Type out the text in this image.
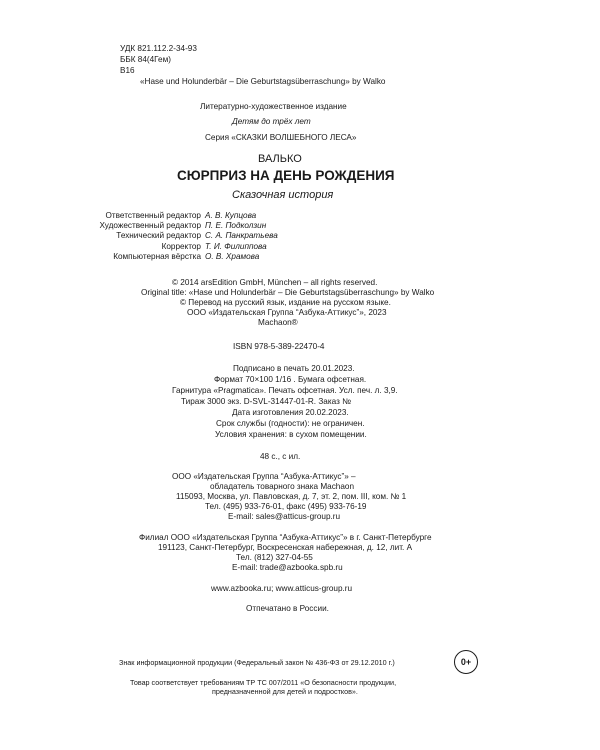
УДК 821.112.2-34-93
ББК 84(4Гем)
В16
«Hase und Holunderbär – Die Geburtstagsüberraschung» by Walko
Литературно-художественное издание
Детям до трёх лет
Серия «СКАЗКИ ВОЛШЕБНОГО ЛЕСА»
ВАЛЬКО
СЮРПРИЗ НА ДЕНЬ РОЖДЕНИЯ
Сказочная история
Ответственный редактор А. В. Купцова
Художественный редактор П. Е. Подколзин
Технический редактор С. А. Панкратьева
Корректор Т. И. Филиппова
Компьютерная вёрстка О. В. Храмова
© 2014 arsEdition GmbH, München – all rights reserved.
Original title: «Hase und Holunderbär – Die Geburtstagsüberraschung» by Walko
© Перевод на русский язык, издание на русском языке.
ООО «Издательская Группа “Азбука-Аттикус”», 2023
Machaon®
ISBN 978-5-389-22470-4
Подписано в печать 20.01.2023.
Формат 70×100 1/16 . Бумага офсетная.
Гарнитура «Pragmatica». Печать офсетная. Усл. печ. л. 3,9.
Тираж 3000 экз. D-SVL-31447-01-R. Заказ №
Дата изготовления 20.02.2023.
Срок службы (годности): не ограничен.
Условия хранения: в сухом помещении.
48 с., с ил.
ООО «Издательская Группа “Азбука-Аттикус”» –
обладатель товарного знака Machaon
115093, Москва, ул. Павловская, д. 7, эт. 2, пом. III, ком. № 1
Тел. (495) 933-76-01, факс (495) 933-76-19
E-mail: sales@atticus-group.ru
Филиал ООО «Издательская Группа “Азбука-Аттикус”» в г. Санкт-Петербурге
191123, Санкт-Петербург, Воскресенская набережная, д. 12, лит. А
Тел. (812) 327-04-55
E-mail: trade@azbooka.spb.ru
www.azbooka.ru; www.atticus-group.ru
Отпечатано в России.
Знак информационной продукции (Федеральный закон № 436-ФЗ от 29.12.2010 г.)	0+
Товар соответствует требованиям ТР ТС 007/2011 «О безопасности продукции,
предназначенной для детей и подростков».
